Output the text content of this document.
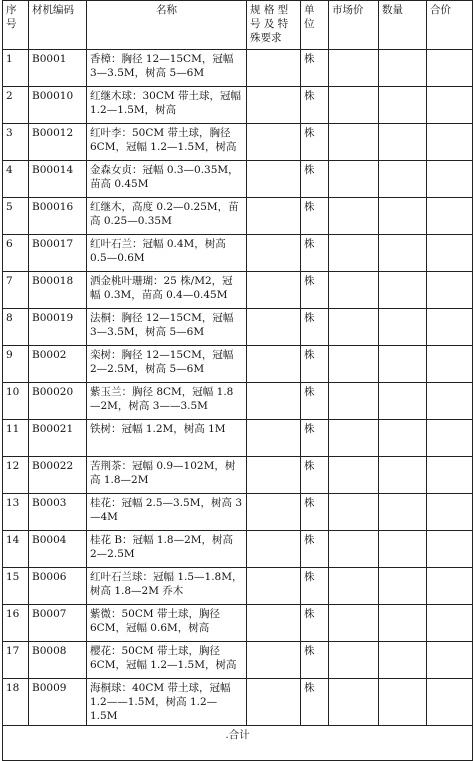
序
号	材机编码	名称	规 格 型
号 及 特
殊要求	单
位	市场价	数量	合价
1	B0001	香樟：胸径 12—15CM，冠幅 3—3.5M，树高 5—6M		株			
2	B00010	红继木球：30CM 带土球，冠幅 1.2—1.5M，树高		株			
3	B00012	红叶李：50CM 带土球，胸径 6CM，冠幅 1.2—1.5M，树高		株			
4	B00014	金森女贞：冠幅 0.3—0.35M，苗高 0.45M		株			
5	B00016	红继木，高度 0.2—0.25M，苗高 0.25—0.35M		株			
6	B00017	红叶石兰：冠幅 0.4M，树高 0.5—0.6M		株			
7	B00018	洒金桃叶珊瑚：25 株/M2，冠幅 0.3M，苗高 0.4—0.45M		株			
8	B00019	法桐：胸径 12—15CM，冠幅 3—3.5M，树高 5—6M		株			
9	B0002	栾树：胸径 12—15CM，冠幅 2—2.5M，树高 5—6M		株			
10	B00020	紫玉兰：胸径 8CM，冠幅 1.8—2M，树高 3——3.5M		株			
11	B00021	铁树：冠幅 1.2M，树高 1M		株			
12	B00022	苦荆茶：冠幅 0.9—102M，树高 1.8—2M		株			
13	B0003	桂花：冠幅 2.5—3.5M，树高 3—4M		株			
14	B0004	桂花 B：冠幅 1.8—2M，树高 2—2.5M		株			
15	B0006	红叶石兰球：冠幅 1.5—1.8M，树高 1.8—2M 乔木		株			
16	B0007	紫微：50CM 带土球，胸径 6CM，冠幅 0.6M，树高		株			
17	B0008	樱花：50CM 带土球，胸径 6CM，冠幅 1.2—1.5M，树高		株			
18	B0009	海桐球：40CM 带土球，冠幅 1.2——1.5M，树高 1.2—1.5M		株			
.合计							
